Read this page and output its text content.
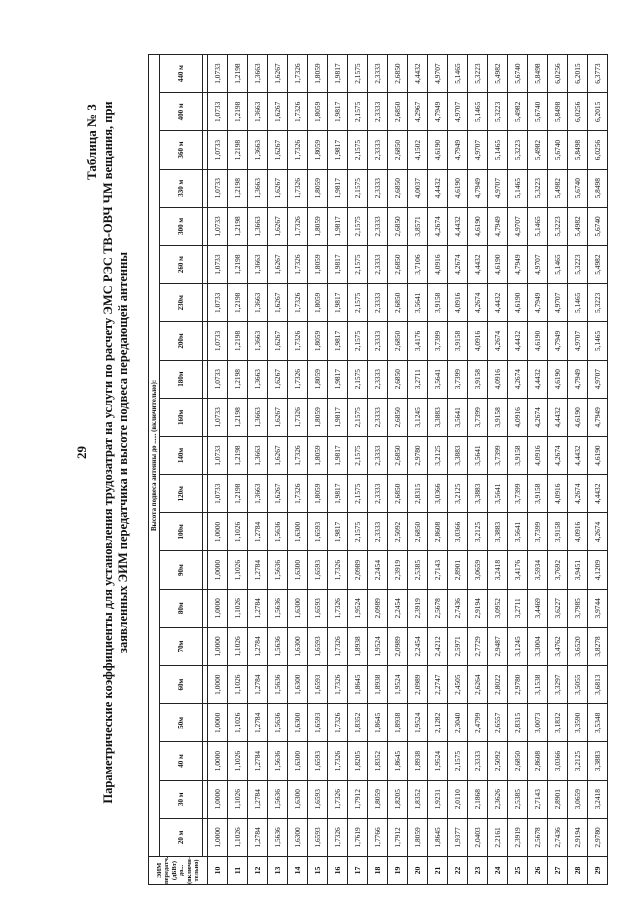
29
Таблица № 3 Параметрические коэффициенты для установления трудозатрат на услуги по расчету ЭМС РЭС ТВ-ОВЧ ЧМ вещания, при заявленных ЭИМ передатчика и высоте подвеса передающей антенны
ЭИМ передатч. (дБВт) до... (включи-тельно)	Высота подвеса антенны до ...... (включительно):																				
	20 м	30 м	40 м	50м	60м	70м	80м	90м	100м	120м	140м	160м	180м	200м	230м	260 м	300 м	330 м	360 м	400 м	440 м

10	1,0000	1,0000	1,0000	1,0000	1,0000	1,0000	1,0000	1,0000	1,0000	1,0733	1,0733	1,0733	1,0733	1,0733	1,0733	1,0733	1,0733	1,0733	1,0733	1,0733	1,0733
11	1,1026	1,1026	1,1026	1,1026	1,1026	1,1026	1,1026	1,1026	1,1026	1,2198	1,2198	1,2198	1,2198	1,2198	1,2198	1,2198	1,2198	1,2198	1,2198	1,2198	1,2198
12	1,2784	1,2784	1,2784	1,2784	1,2784	1,2784	1,2784	1,2784	1,2784	1,3663	1,3663	1,3663	1,3663	1,3663	1,3663	1,3663	1,3663	1,3663	1,3663	1,3663	1,3663
13	1,5636	1,5636	1,5636	1,5636	1,5636	1,5636	1,5636	1,5636	1,5636	1,6267	1,6267	1,6267	1,6267	1,6267	1,6267	1,6267	1,6267	1,6267	1,6267	1,6267	1,6267
14	1,6300	1,6300	1,6300	1,6300	1,6300	1,6300	1,6300	1,6300	1,6300	1,7326	1,7326	1,7326	1,7326	1,7326	1,7326	1,7326	1,7326	1,7326	1,7326	1,7326	1,7326
15	1,6593	1,6593	1,6593	1,6593	1,6593	1,6593	1,6593	1,6593	1,6593	1,8059	1,8059	1,8059	1,8059	1,8059	1,8059	1,8059	1,8059	1,8059	1,8059	1,8059	1,8059
16	1,7326	1,7326	1,7326	1,7326	1,7326	1,7326	1,7326	1,7326	1,9817	1,9817	1,9817	1,9817	1,9817	1,9817	1,9817	1,9817	1,9817	1,9817	1,9817	1,9817	1,9817
17	1,7619	1,7912	1,8205	1,8352	1,8645	1,8938	1,9524	2,0989	2,1575	2,1575	2,1575	2,1575	2,1575	2,1575	2,1575	2,1575	2,1575	2,1575	2,1575	2,1575	2,1575
18	1,7766	1,8059	1,8352	1,8645	1,8938	1,9524	2,0989	2,2454	2,3333	2,3333	2,3333	2,3333	2,3333	2,3333	2,3333	2,3333	2,3333	2,3333	2,3333	2,3333	2,3333
19	1,7912	1,8205	1,8645	1,8938	1,9524	2,0989	2,2454	2,3919	2,5092	2,6850	2,6850	2,6850	2,6850	2,6850	2,6850	2,6850	2,6850	2,6850	2,6850	2,6850	2,6850
20	1,8059	1,8352	1,8938	1,9524	2,0989	2,2454	2,3919	2,5385	2,6850	2,8315	2,9780	3,1245	3,2711	3,4176	3,5641	3,7106	3,8571	4,0037	4,1502	4,2967	4,4432
21	1,8645	1,9231	1,9524	2,1282	2,2747	2,4212	2,5678	2,7143	2,8608	3,0366	3,2125	3,3883	3,5641	3,7399	3,9158	4,0916	4,2674	4,4432	4,6190	4,7949	4,9707
22	1,9377	2,0110	2,1575	2,3040	2,4505	2,5971	2,7436	2,8901	3,0366	3,2125	3,3883	3,5641	3,7399	3,9158	4,0916	4,2674	4,4432	4,6190	4,7949	4,9707	5,1465
23	2,0403	2,1868	2,3333	2,4799	2,6264	2,7729	2,9194	3,0659	3,2125	3,3883	3,5641	3,7399	3,9158	4,0916	4,2674	4,4432	4,6190	4,7949	4,9707	5,1465	5,3223
24	2,2161	2,3626	2,5092	2,6557	2,8022	2,9487	3,0952	3,2418	3,3883	3,5641	3,7399	3,9158	4,0916	4,2674	4,4432	4,6190	4,7949	4,9707	5,1465	5,3223	5,4982
25	2,3919	2,5385	2,6850	2,8315	2,9780	3,1245	3,2711	3,4176	3,5641	3,7399	3,9158	4,0916	4,2674	4,4432	4,6190	4,7949	4,9707	5,1465	5,3223	5,4982	5,6740
26	2,5678	2,7143	2,8608	3,0073	3,1538	3,3004	3,4469	3,5934	3,7399	3,9158	4,0916	4,2674	4,4432	4,6190	4,7949	4,9707	5,1465	5,3223	5,4982	5,6740	5,8498
27	2,7436	2,8901	3,0366	3,1832	3,3297	3,4762	3,6227	3,7692	3,9158	4,0916	4,2674	4,4432	4,6190	4,7949	4,9707	5,1465	5,3223	5,4982	5,6740	5,8498	6,0256
28	2,9194	3,0659	3,2125	3,3590	3,5055	3,6520	3,7985	3,9451	4,0916	4,2674	4,4432	4,6190	4,7949	4,9707	5,1465	5,3223	5,4982	5,6740	5,8498	6,0256	6,2015
29	2,9780	3,2418	3,3883	3,5348	3,6813	3,8278	3,9744	4,1209	4,2674	4,4432	4,6190	4,7949	4,9707	5,1465	5,3223	5,4982	5,6740	5,8498	6,0256	6,2015	6,3773
